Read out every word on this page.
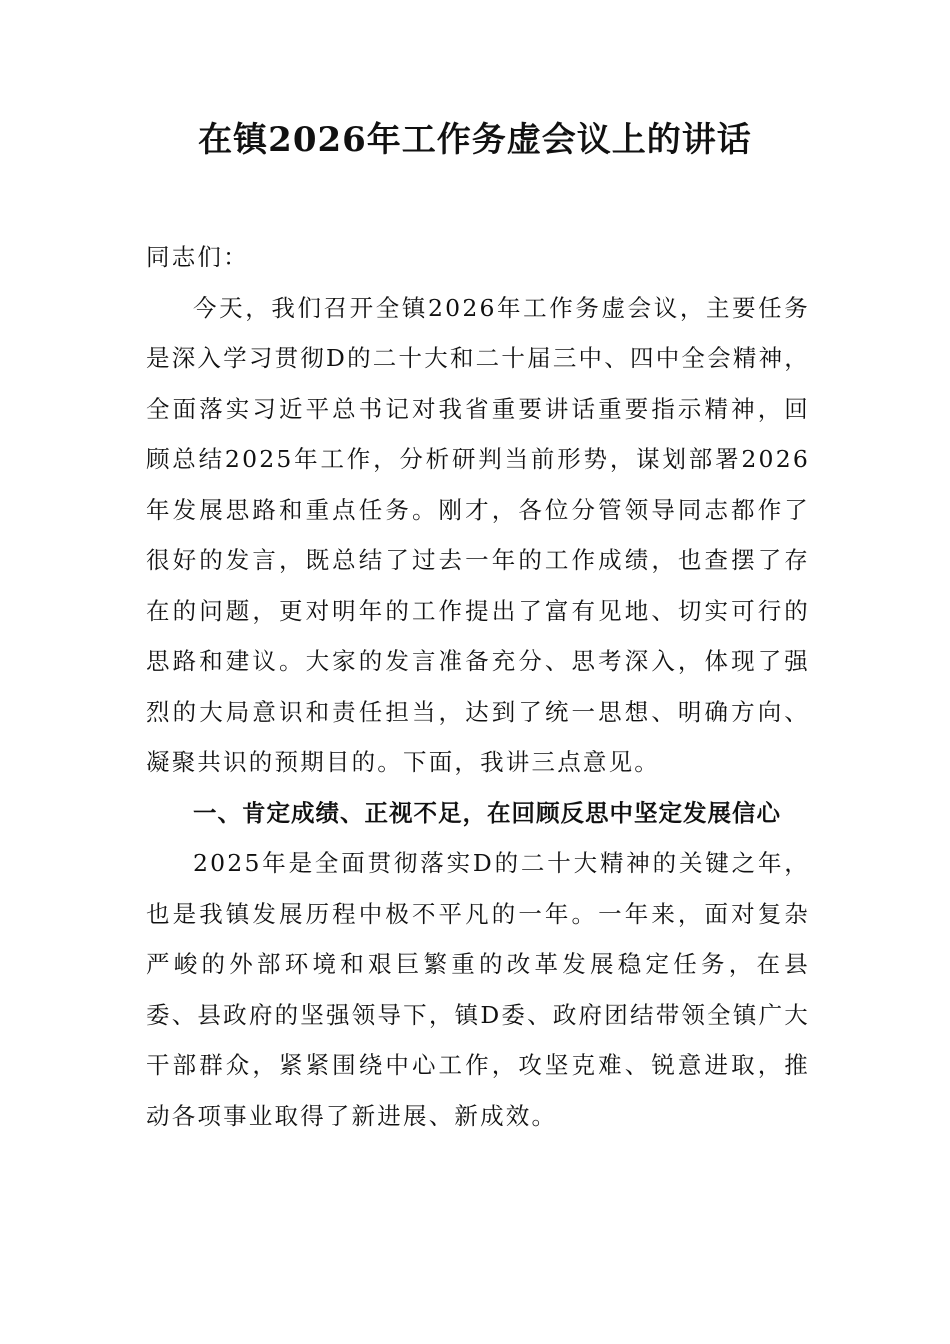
在镇2026年工作务虚会议上的讲话

同志们：

今天，我们召开全镇2026年工作务虚会议，主要任务是深入学习贯彻D的二十大和二十届三中、四中全会精神，全面落实习近平总书记对我省重要讲话重要指示精神，回顾总结2025年工作，分析研判当前形势，谋划部署2026年发展思路和重点任务。刚才，各位分管领导同志都作了很好的发言，既总结了过去一年的工作成绩，也查摆了存在的问题，更对明年的工作提出了富有见地、切实可行的思路和建议。大家的发言准备充分、思考深入，体现了强烈的大局意识和责任担当，达到了统一思想、明确方向、凝聚共识的预期目的。下面，我讲三点意见。

一、肯定成绩、正视不足，在回顾反思中坚定发展信心

2025年是全面贯彻落实D的二十大精神的关键之年，也是我镇发展历程中极不平凡的一年。一年来，面对复杂严峻的外部环境和艰巨繁重的改革发展稳定任务，在县委、县政府的坚强领导下，镇D委、政府团结带领全镇广大干部群众，紧紧围绕中心工作，攻坚克难、锐意进取，推动各项事业取得了新进展、新成效。
